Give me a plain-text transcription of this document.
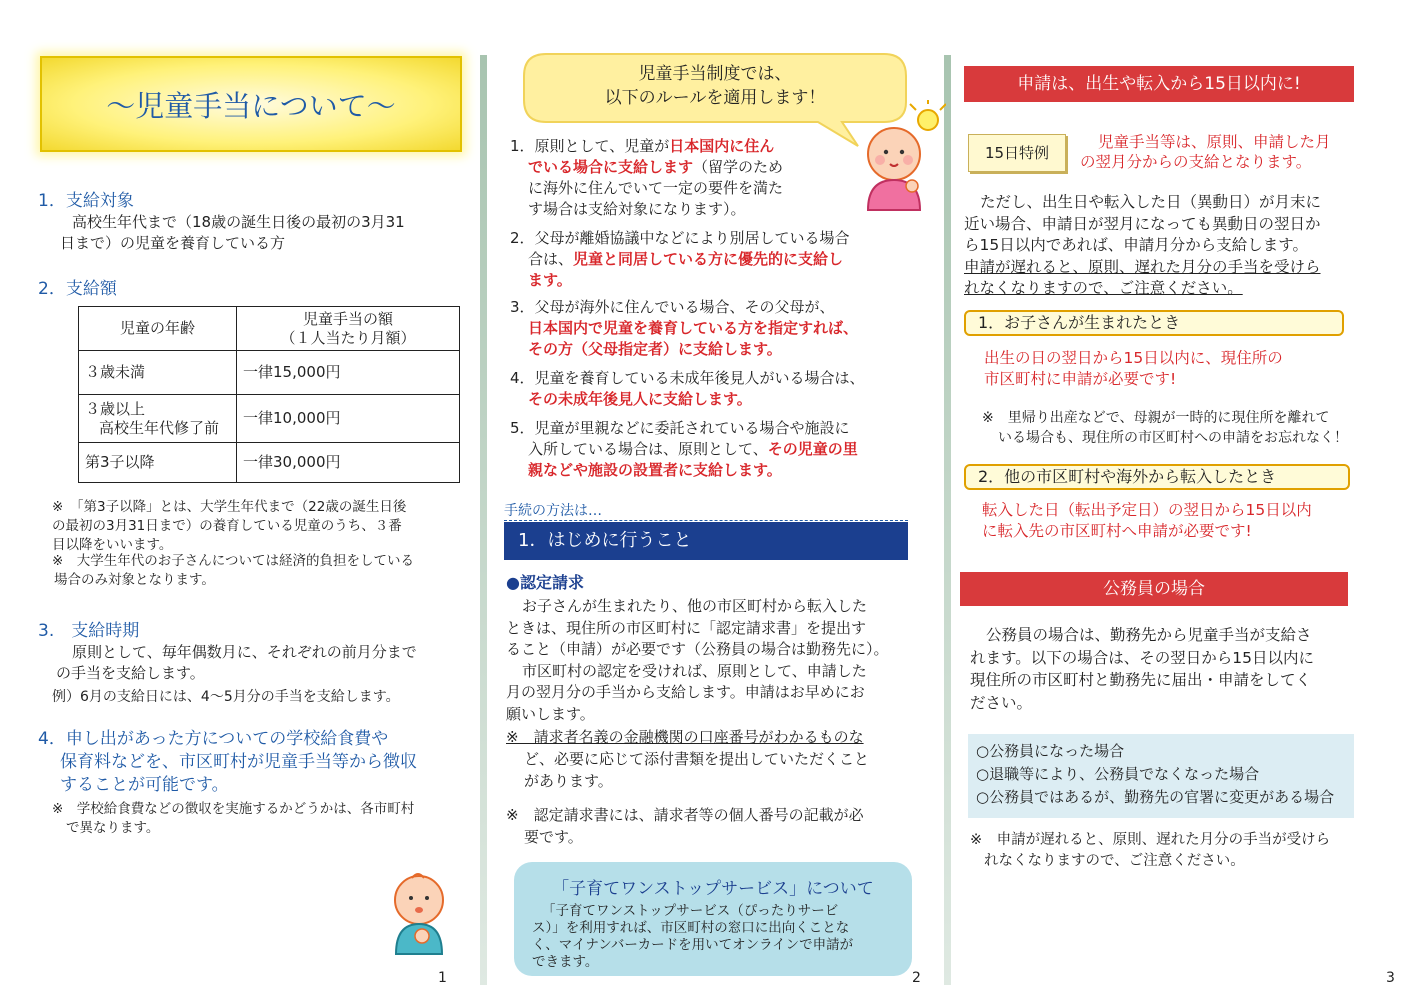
～児童手当について～
1．支給対象
高校生年代まで（18歳の誕生日後の最初の3月31
日まで）の児童を養育している方
2．支給額
児童の年齢	児童手当の額
（１人当たり月額）

３歳未満	一律15,000円

３歳以上
高校生年代修了前	一律10,000円
第3子以降	一律30,000円
※　「第3子以降」とは、大学生年代まで（22歳の誕生日後
の最初の3月31日まで）の養育している児童のうち、３番
目以降をいいます。
※　大学生年代のお子さんについては経済的負担をしている
場合のみ対象となります。
3.　支給時期
原則として、毎年偶数月に、それぞれの前月分まで
の手当を支給します。
例）6月の支給日には、4～5月分の手当を支給します。
4．申し出があった方についての学校給食費や
保育料などを、市区町村が児童手当等から徴収
することが可能です。
※　学校給食費などの徴収を実施するかどうかは、各市町村
で異なります。
1
児童手当制度では、
以下のルールを適用します！
1．原則として、児童が日本国内に住ん
でいる場合に支給します（留学のため
に海外に住んでいて一定の要件を満た
す場合は支給対象になります）。
2．父母が離婚協議中などにより別居している場合
合は、児童と同居している方に優先的に支給し
ます。
3．父母が海外に住んでいる場合、その父母が、
日本国内で児童を養育している方を指定すれば、
その方（父母指定者）に支給します。
4．児童を養育している未成年後見人がいる場合は、
その未成年後見人に支給します。
5．児童が里親などに委託されている場合や施設に
入所している場合は、原則として、その児童の里
親などや施設の設置者に支給します。
手続の方法は…
1．はじめに行うこと
●認定請求
お子さんが生まれたり、他の市区町村から転入した
ときは、現住所の市区町村に「認定請求書」を提出す
ること（申請）が必要です（公務員の場合は勤務先に）。
市区町村の認定を受ければ、原則として、申請した
月の翌月分の手当から支給します。申請はお早めにお
願いします。
※　請求者名義の金融機関の口座番号がわかるものな
ど、必要に応じて添付書類を提出していただくこと
があります。
※　認定請求書には、請求者等の個人番号の記載が必
要です。
「子育てワンストップサービス」について
「子育てワンストップサービス（ぴったりサービ
ス）」を利用すれば、市区町村の窓口に出向くことな
く、マイナンバーカードを用いてオンラインで申請が
できます。
2
申請は、出生や転入から15日以内に!
15日特例
児童手当等は、原則、申請した月
の翌月分からの支給となります。
ただし、出生日や転入した日（異動日）が月末に
近い場合、申請日が翌月になっても異動日の翌日か
ら15日以内であれば、申請月分から支給します。
申請が遅れると、原則、遅れた月分の手当を受けら
れなくなりますので、ご注意ください。
1．お子さんが生まれたとき
出生の日の翌日から15日以内に、現住所の
市区町村に申請が必要です!
※　里帰り出産などで、母親が一時的に現住所を離れて
いる場合も、現住所の市区町村への申請をお忘れなく！
2．他の市区町村や海外から転入したとき
転入した日（転出予定日）の翌日から15日以内
に転入先の市区町村へ申請が必要です!
公務員の場合
公務員の場合は、勤務先から児童手当が支給さ
れます。以下の場合は、その翌日から15日以内に
現住所の市区町村と勤務先に届出・申請をしてく
ださい。
○公務員になった場合
○退職等により、公務員でなくなった場合
○公務員ではあるが、勤務先の官署に変更がある場合
※　申請が遅れると、原則、遅れた月分の手当が受けら
れなくなりますので、ご注意ください。
3
